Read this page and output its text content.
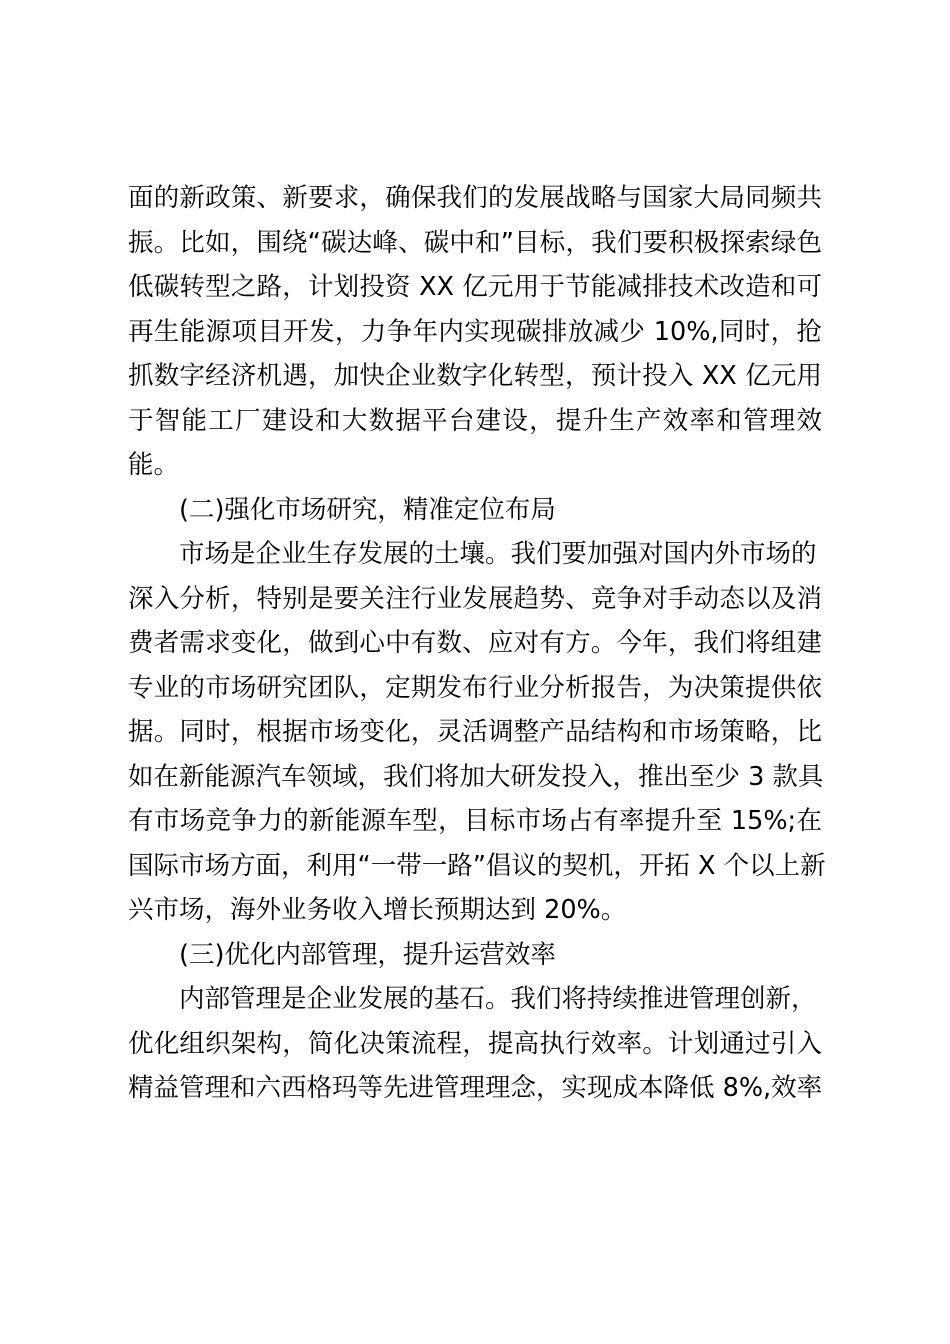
面的新政策、新要求，确保我们的发展战略与国家大局同频共
振。比如，围绕“碳达峰、碳中和”目标，我们要积极探索绿色
低碳转型之路，计划投资 XX 亿元用于节能减排技术改造和可
再生能源项目开发，力争年内实现碳排放减少 10%,同时，抢
抓数字经济机遇，加快企业数字化转型，预计投入 XX 亿元用
于智能工厂建设和大数据平台建设，提升生产效率和管理效
能。
(二)强化市场研究，精准定位布局
市场是企业生存发展的土壤。我们要加强对国内外市场的
深入分析，特别是要关注行业发展趋势、竞争对手动态以及消
费者需求变化，做到心中有数、应对有方。今年，我们将组建
专业的市场研究团队，定期发布行业分析报告，为决策提供依
据。同时，根据市场变化，灵活调整产品结构和市场策略，比
如在新能源汽车领域，我们将加大研发投入，推出至少 3 款具
有市场竞争力的新能源车型，目标市场占有率提升至 15%;在
国际市场方面，利用“一带一路”倡议的契机，开拓 X 个以上新
兴市场，海外业务收入增长预期达到 20%。
(三)优化内部管理，提升运营效率
内部管理是企业发展的基石。我们将持续推进管理创新，
优化组织架构，简化决策流程，提高执行效率。计划通过引入
精益管理和六西格玛等先进管理理念，实现成本降低 8%,效率
